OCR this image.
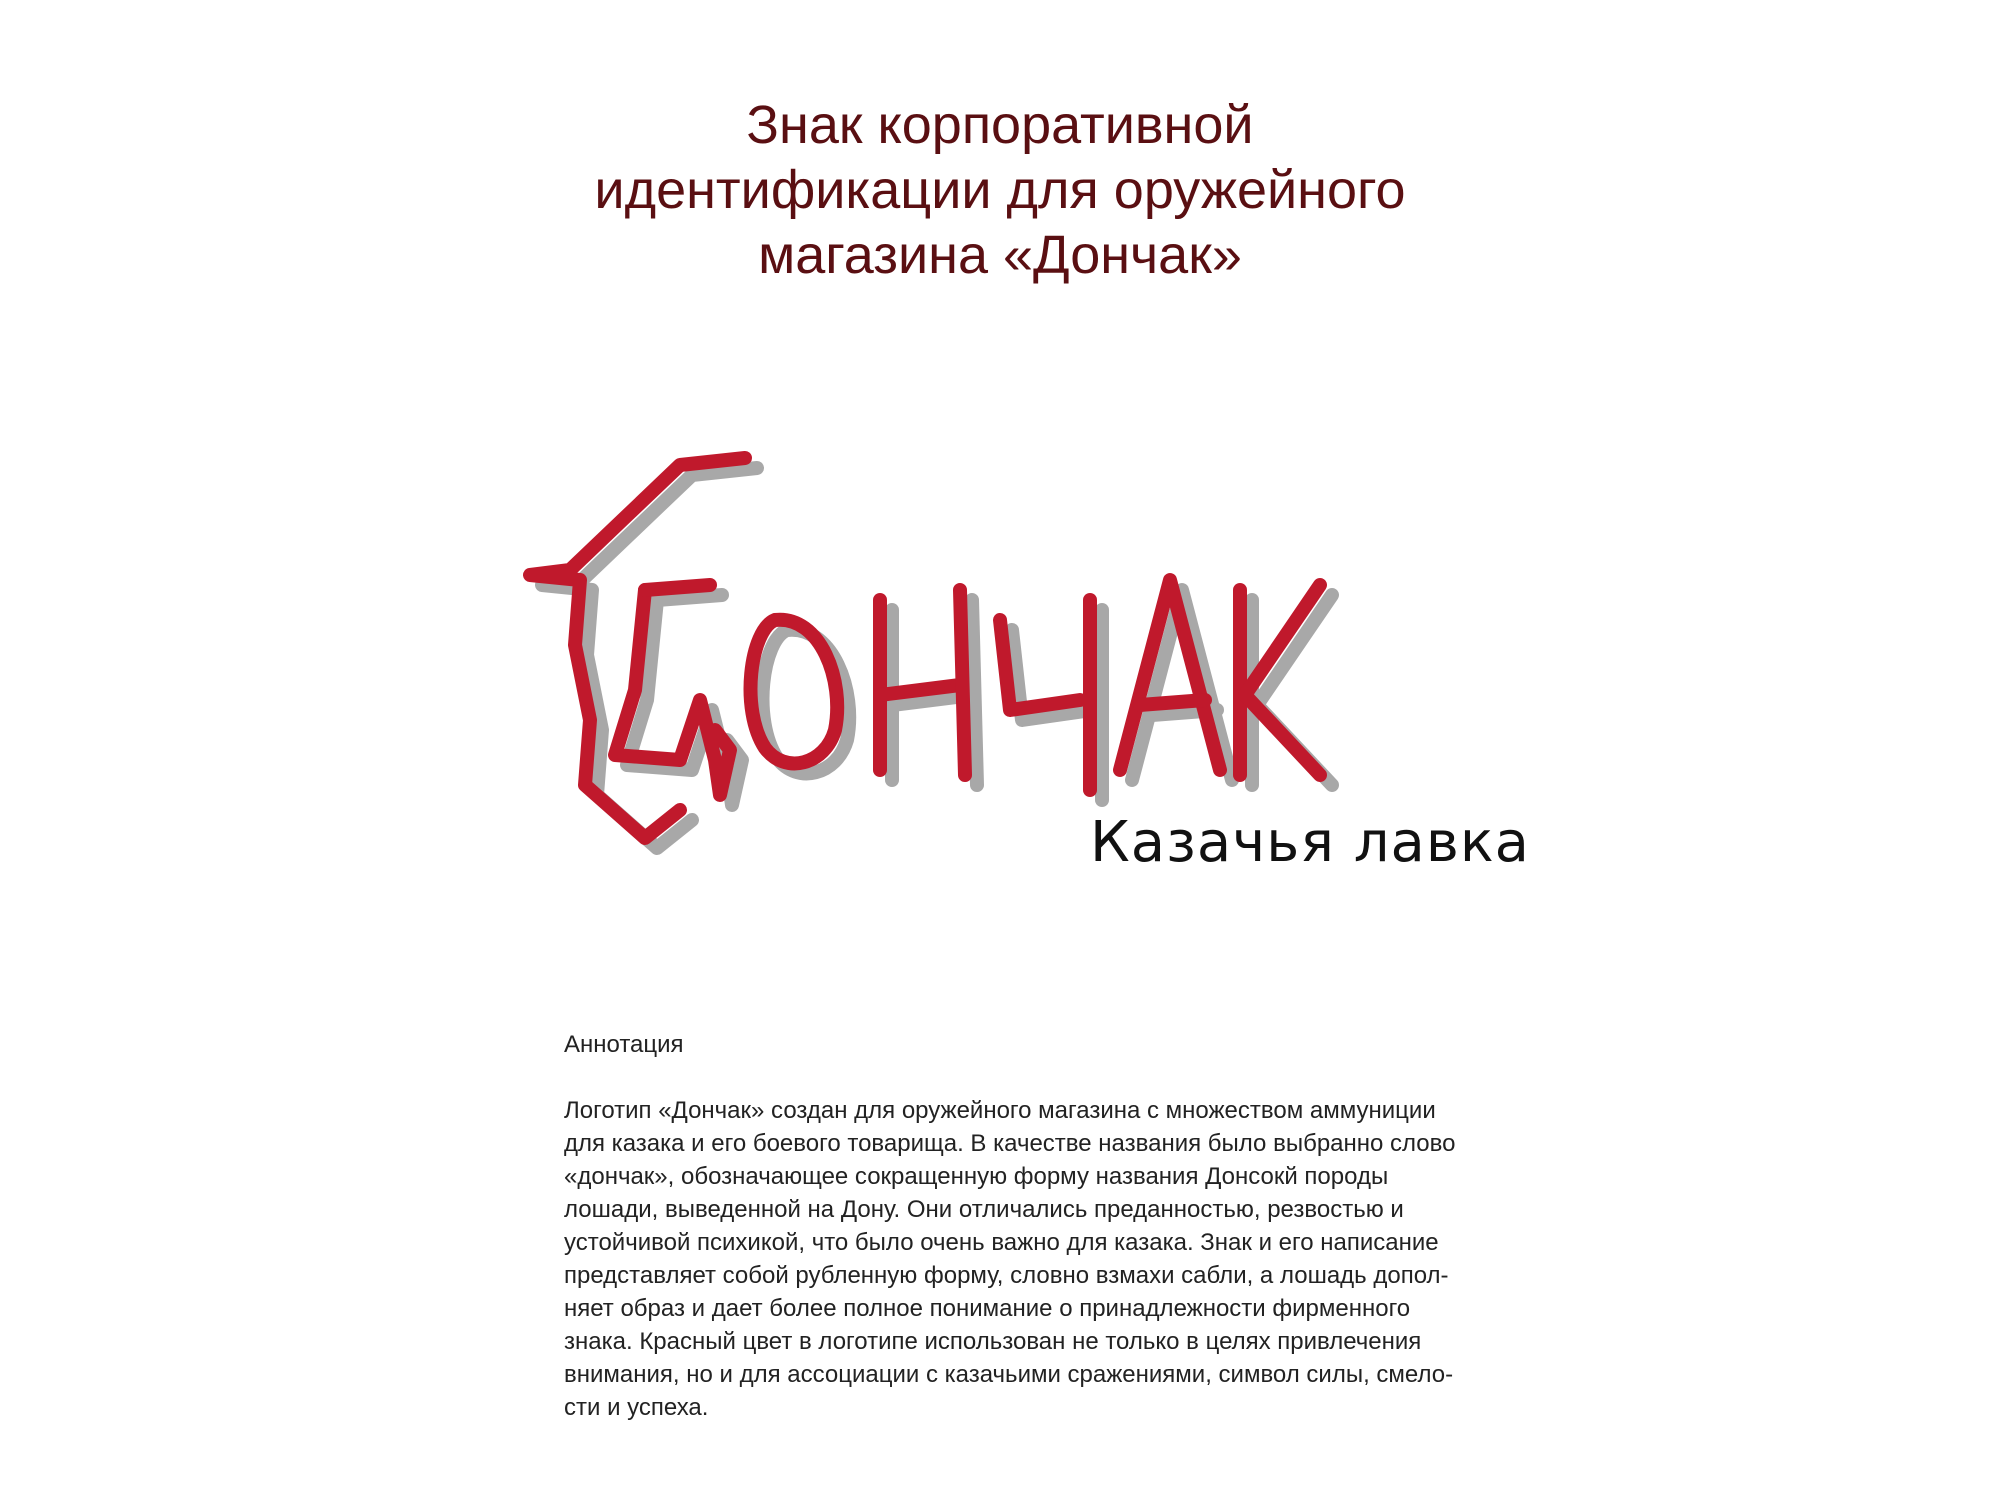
Знак корпоративной
идентификации для оружейного
магазина «Дончак»
Казачья лавка
Аннотация
Логотип «Дончак» создан для оружейного магазина с множеством аммуниции
для казака и его боевого товарища. В качестве названия было выбранно слово
«дончак», обозначающее сокращенную форму названия Донсокй породы
лошади, выведенной на Дону. Они отличались преданностью, резвостью и
устойчивой психикой, что было очень важно для казака. Знак и его написание
представляет собой рубленную форму, словно взмахи сабли, а лошадь допол-
няет образ и дает более полное понимание о принадлежности фирменного
знака. Красный цвет в логотипе использован не только в целях привлечения
внимания, но и для ассоциации с казачьими сражениями, символ силы, смело-
сти и успеха.
